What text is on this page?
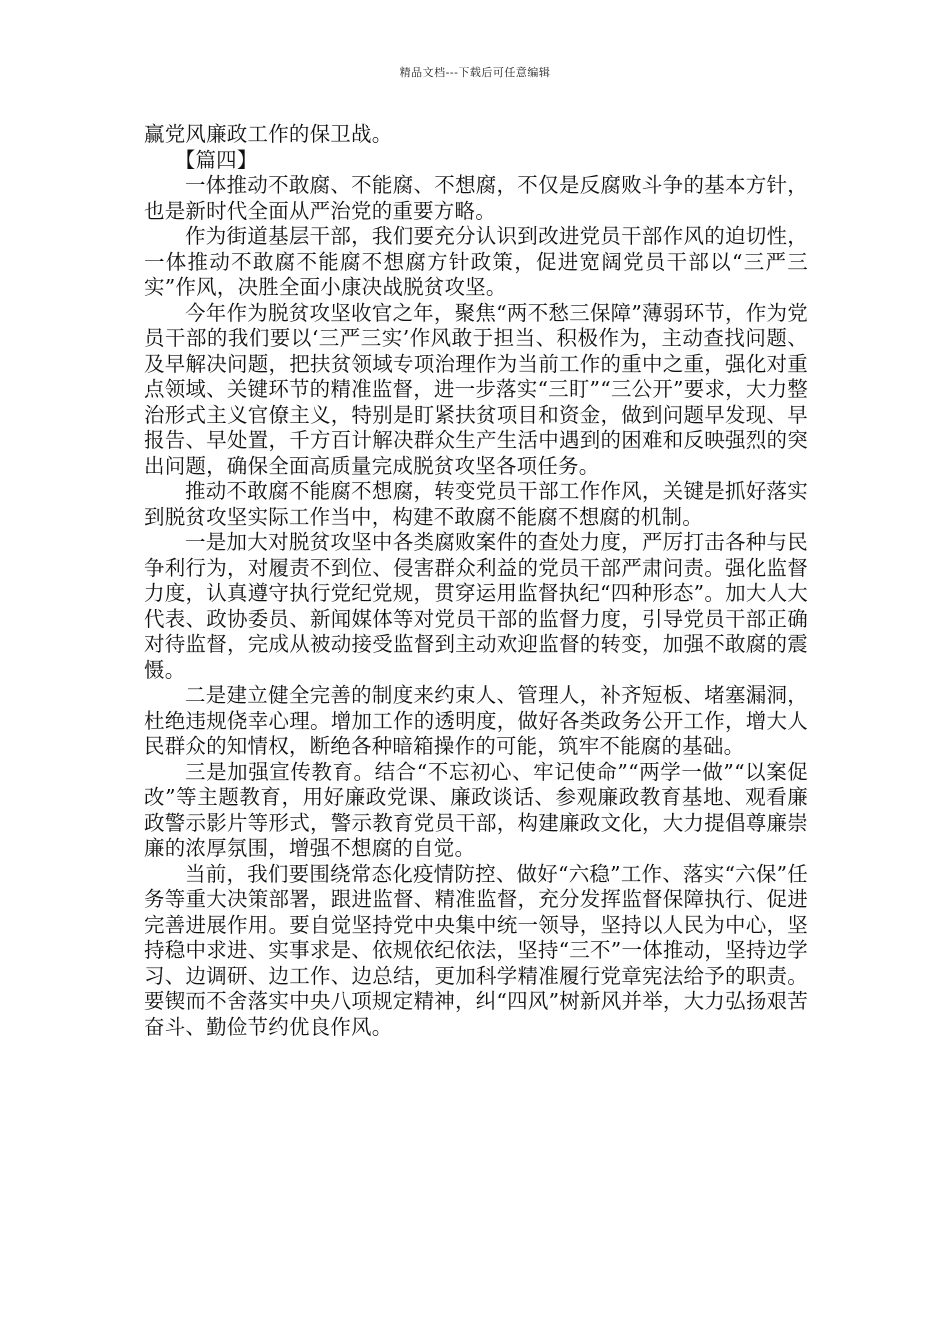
精品文档---下载后可任意编辑

赢党风廉政工作的保卫战。

【篇四】

一体推动不敢腐、不能腐、不想腐，不仅是反腐败斗争的基本方针，也是新时代全面从严治党的重要方略。

作为街道基层干部，我们要充分认识到改进党员干部作风的迫切性，一体推动不敢腐不能腐不想腐方针政策，促进宽阔党员干部以“三严三实”作风，决胜全面小康决战脱贫攻坚。

今年作为脱贫攻坚收官之年，聚焦“两不愁三保障”薄弱环节，作为党员干部的我们要以‘三严三实’作风敢于担当、积极作为，主动查找问题、及早解决问题，把扶贫领域专项治理作为当前工作的重中之重，强化对重点领域、关键环节的精准监督，进一步落实“三盯”“三公开”要求，大力整治形式主义官僚主义，特别是盯紧扶贫项目和资金，做到问题早发现、早报告、早处置，千方百计解决群众生产生活中遇到的困难和反映强烈的突出问题，确保全面高质量完成脱贫攻坚各项任务。

推动不敢腐不能腐不想腐，转变党员干部工作作风，关键是抓好落实到脱贫攻坚实际工作当中，构建不敢腐不能腐不想腐的机制。

一是加大对脱贫攻坚中各类腐败案件的查处力度，严厉打击各种与民争利行为，对履责不到位、侵害群众利益的党员干部严肃问责。强化监督力度，认真遵守执行党纪党规，贯穿运用监督执纪“四种形态”。加大人大代表、政协委员、新闻媒体等对党员干部的监督力度，引导党员干部正确对待监督，完成从被动接受监督到主动欢迎监督的转变，加强不敢腐的震慑。

二是建立健全完善的制度来约束人、管理人，补齐短板、堵塞漏洞，杜绝违规侥幸心理。增加工作的透明度，做好各类政务公开工作，增大人民群众的知情权，断绝各种暗箱操作的可能，筑牢不能腐的基础。

三是加强宣传教育。结合“不忘初心、牢记使命”“两学一做”“以案促改”等主题教育，用好廉政党课、廉政谈话、参观廉政教育基地、观看廉政警示影片等形式，警示教育党员干部，构建廉政文化，大力提倡尊廉崇廉的浓厚氛围，增强不想腐的自觉。

当前，我们要围绕常态化疫情防控、做好“六稳”工作、落实“六保”任务等重大决策部署，跟进监督、精准监督，充分发挥监督保障执行、促进完善进展作用。要自觉坚持党中央集中统一领导，坚持以人民为中心，坚持稳中求进、实事求是、依规依纪依法，坚持“三不”一体推动，坚持边学习、边调研、边工作、边总结，更加科学精准履行党章宪法给予的职责。要锲而不舍落实中央八项规定精神，纠“四风”树新风并举，大力弘扬艰苦奋斗、勤俭节约优良作风。
